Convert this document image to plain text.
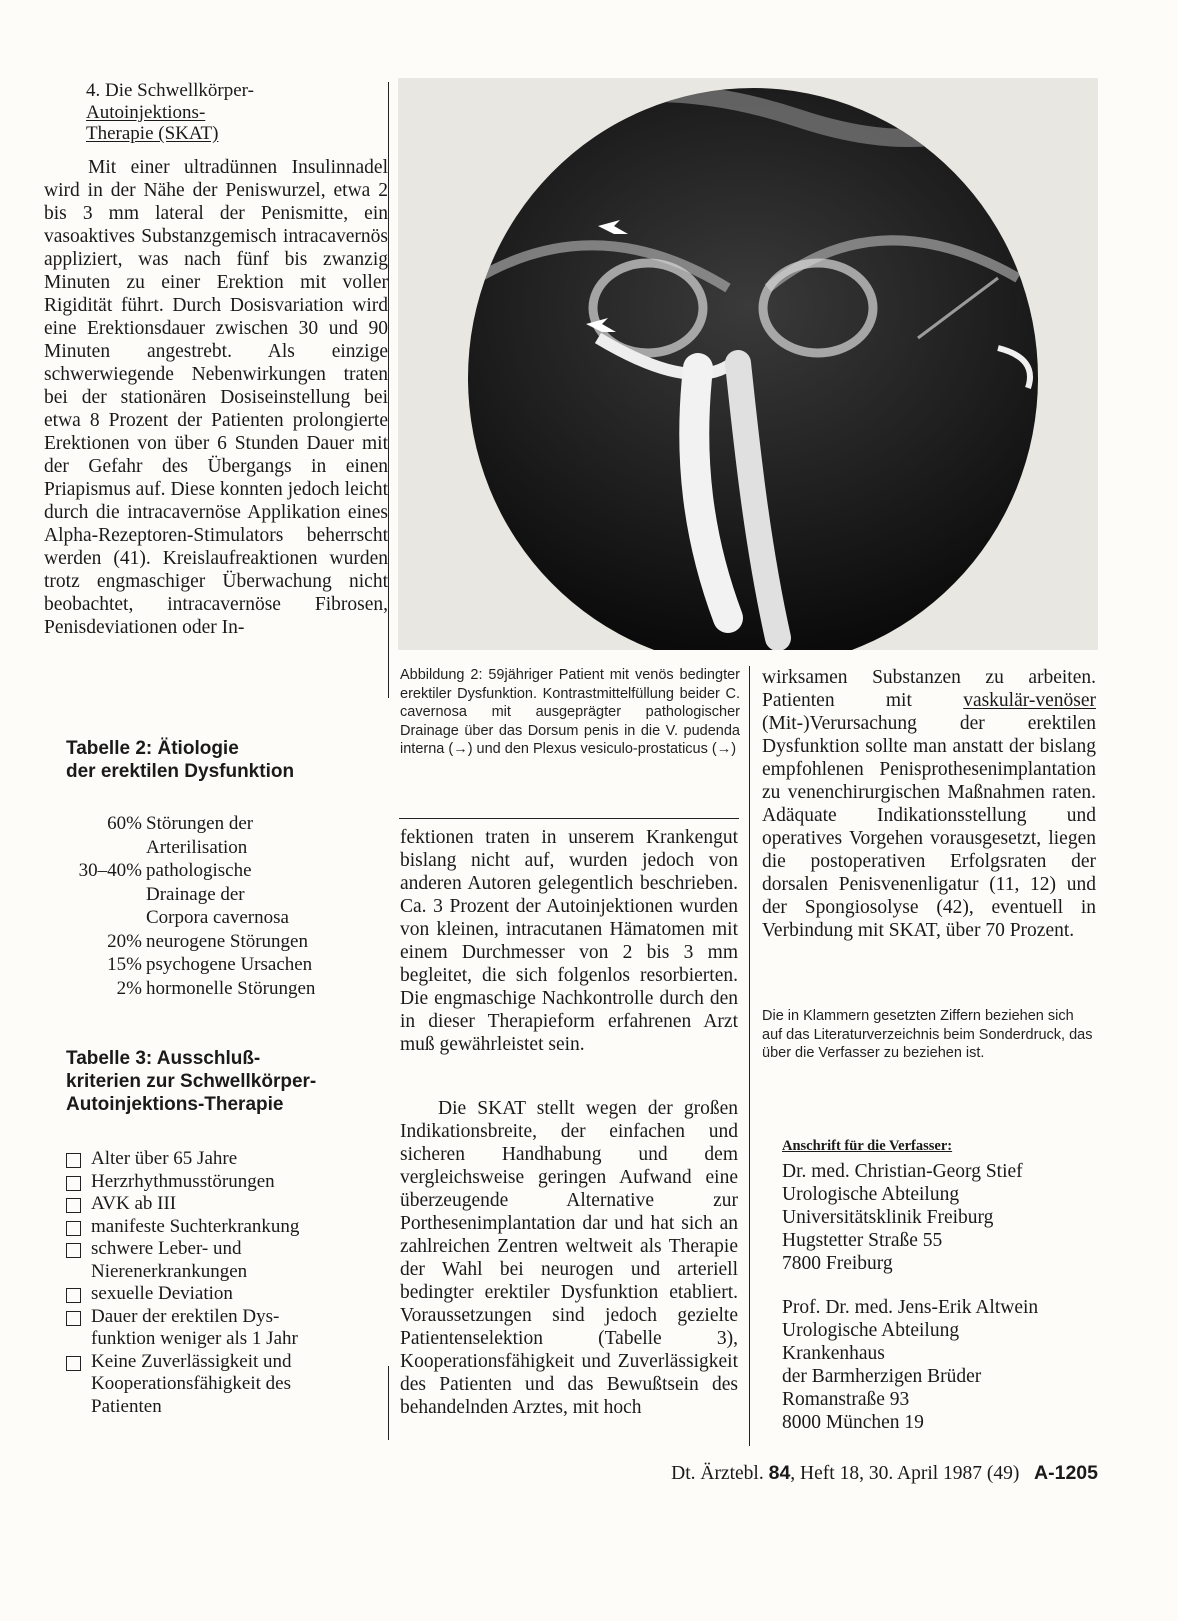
4. Die Schwellkörper-
Autoinjektions-
Therapie (SKAT)
Mit einer ultradünnen Insulinnadel wird in der Nähe der Peniswurzel, etwa 2 bis 3 mm lateral der Penismitte, ein vasoaktives Substanzgemisch intracavernös appliziert, was nach fünf bis zwanzig Minuten zu einer Erektion mit voller Rigidität führt. Durch Dosisvariation wird eine Erektionsdauer zwischen 30 und 90 Minuten angestrebt. Als einzige schwerwiegende Nebenwirkungen traten bei der stationären Dosiseinstellung bei etwa 8 Prozent der Patienten prolongierte Erektionen von über 6 Stunden Dauer mit der Gefahr des Übergangs in einen Priapismus auf. Diese konnten jedoch leicht durch die intracavernöse Applikation eines Alpha-Rezeptoren-Stimulators beherrscht werden (41). Kreislaufreaktionen wurden trotz engmaschiger Überwachung nicht beobachtet, intracavernöse Fibrosen, Penisdeviationen oder In-
Tabelle 2: Ätiologie
der erektilen Dysfunktion
60% Störungen der
Arterilisation
30–40% pathologische
Drainage der
Corpora cavernosa
20% neurogene Störungen
15% psychogene Ursachen
2% hormonelle Störungen
Tabelle 3: Ausschluß-
kriterien zur Schwellkörper-
Autoinjektions-Therapie
Alter über 65 Jahre
Herzrhythmusstörungen
AVK ab III
manifeste Suchterkrankung
schwere Leber- und
Nierenerkrankungen
sexuelle Deviation
Dauer der erektilen Dys-
funktion weniger als 1 Jahr
Keine Zuverlässigkeit und
Kooperationsfähigkeit des
Patienten
Abbildung 2: 59jähriger Patient mit venös bedingter erektiler Dysfunktion. Kontrastmittelfüllung beider C. cavernosa mit ausgeprägter pathologischer Drainage über das Dorsum penis in die V. pudenda interna (→) und den Plexus vesiculo-prostaticus (→)
fektionen traten in unserem Krankengut bislang nicht auf, wurden jedoch von anderen Autoren gelegentlich beschrieben. Ca. 3 Prozent der Autoinjektionen wurden von kleinen, intracutanen Hämatomen mit einem Durchmesser von 2 bis 3 mm begleitet, die sich folgenlos resorbierten. Die engmaschige Nachkontrolle durch den in dieser Therapieform erfahrenen Arzt muß gewährleistet sein.
Die SKAT stellt wegen der großen Indikationsbreite, der einfachen und sicheren Handhabung und dem vergleichsweise geringen Aufwand eine überzeugende Alternative zur Porthesenimplantation dar und hat sich an zahlreichen Zentren weltweit als Therapie der Wahl bei neurogen und arteriell bedingter erektiler Dysfunktion etabliert. Voraussetzungen sind jedoch gezielte Patientenselektion (Tabelle 3), Kooperationsfähigkeit und Zuverlässigkeit des Patienten und das Bewußtsein des behandelnden Arztes, mit hoch
wirksamen Substanzen zu arbeiten. Patienten mit vaskulär-venöser (Mit-)Verursachung der erektilen Dysfunktion sollte man anstatt der bislang empfohlenen Penisprothesenimplantation zu venenchirurgischen Maßnahmen raten. Adäquate Indikationsstellung und operatives Vorgehen vorausgesetzt, liegen die postoperativen Erfolgsraten der dorsalen Penisvenenligatur (11, 12) und der Spongiosolyse (42), eventuell in Verbindung mit SKAT, über 70 Prozent.
Die in Klammern gesetzten Ziffern beziehen sich auf das Literaturverzeichnis beim Sonderdruck, das über die Verfasser zu beziehen ist.
Anschrift für die Verfasser:
Dr. med. Christian-Georg Stief
Urologische Abteilung
Universitätsklinik Freiburg
Hugstetter Straße 55
7800 Freiburg
Prof. Dr. med. Jens-Erik Altwein
Urologische Abteilung
Krankenhaus
der Barmherzigen Brüder
Romanstraße 93
8000 München 19
Dt. Ärztebl. 84, Heft 18, 30. April 1987 (49) A-1205
